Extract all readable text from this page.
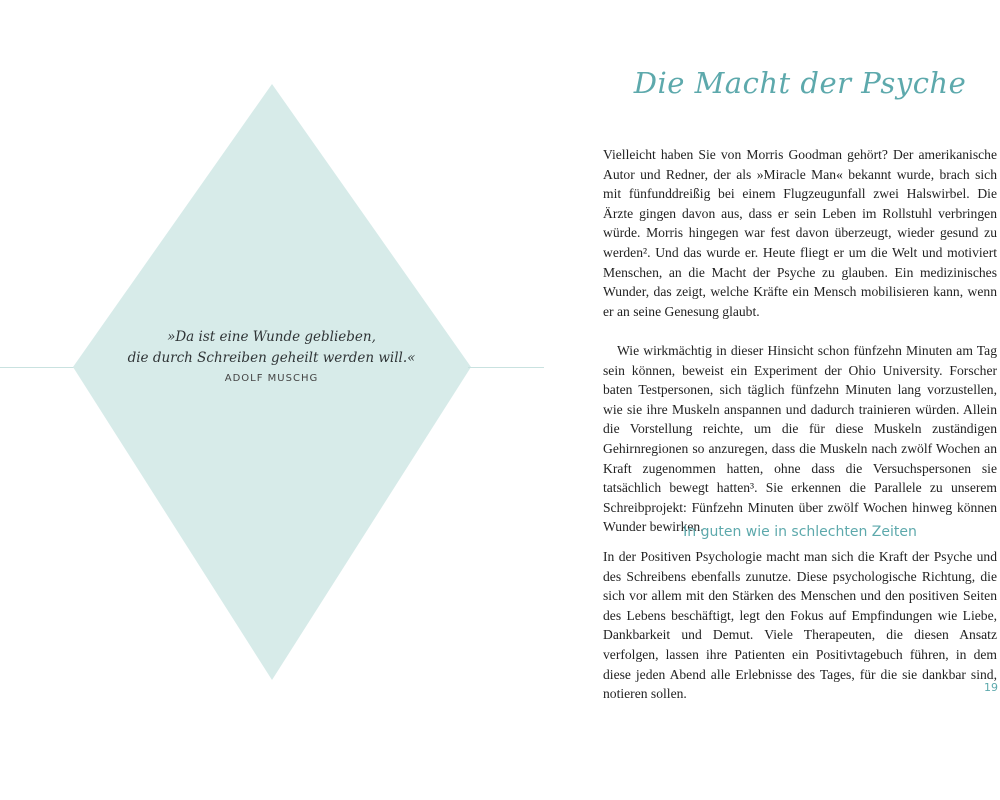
»Da ist eine Wunde geblieben,
die durch Schreiben geheilt werden will.«
ADOLF MUSCHG
Die Macht der Psyche

Vielleicht haben Sie von Morris Goodman gehört? Der amerikanische Autor und Redner, der als »Miracle Man« bekannt wurde, brach sich mit fünfunddreißig bei einem Flugzeugunfall zwei Halswirbel. Die Ärzte gingen davon aus, dass er sein Leben im Rollstuhl verbringen würde. Morris hingegen war fest davon überzeugt, wieder gesund zu werden². Und das wurde er. Heute fliegt er um die Welt und motiviert Menschen, an die Macht der Psyche zu glauben. Ein medizinisches Wunder, das zeigt, welche Kräfte ein Mensch mobilisieren kann, wenn er an seine Genesung glaubt.

Wie wirkmächtig in dieser Hinsicht schon fünfzehn Minuten am Tag sein können, beweist ein Experiment der Ohio University. Forscher baten Testpersonen, sich täglich fünfzehn Minuten lang vorzustellen, wie sie ihre Muskeln anspannen und dadurch trainieren würden. Allein die Vorstellung reichte, um die für diese Muskeln zuständigen Gehirnregionen so anzuregen, dass die Muskeln nach zwölf Wochen an Kraft zugenommen hatten, ohne dass die Versuchspersonen sie tatsächlich bewegt hatten³. Sie erkennen die Parallele zu unserem Schreibprojekt: Fünfzehn Minuten über zwölf Wochen hinweg können Wunder bewirken.

In guten wie in schlechten Zeiten

In der Positiven Psychologie macht man sich die Kraft der Psyche und des Schreibens ebenfalls zunutze. Diese psychologische Richtung, die sich vor allem mit den Stärken des Menschen und den positiven Seiten des Lebens beschäftigt, legt den Fokus auf Empfindungen wie Liebe, Dankbarkeit und Demut. Viele Therapeuten, die diesen Ansatz verfolgen, lassen ihre Patienten ein Positivtagebuch führen, in dem diese jeden Abend alle Erlebnisse des Tages, für die sie dankbar sind, notieren sollen.	19
